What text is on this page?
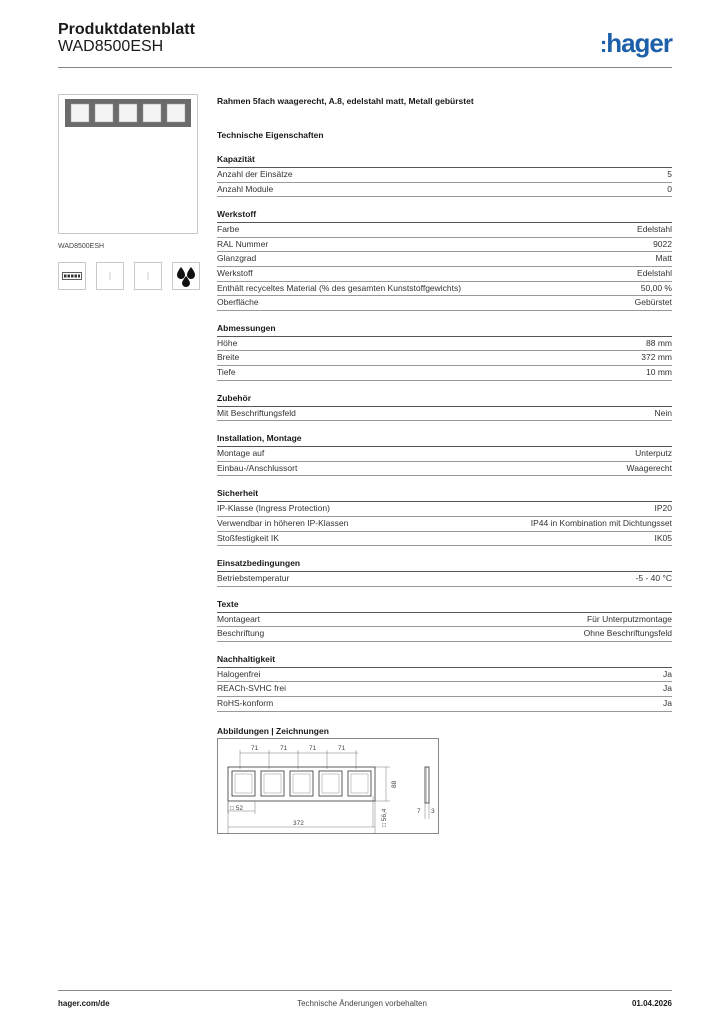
Produktdatenblatt
WAD8500ESH	:hager
WAD8500ESH
Rahmen 5fach waagerecht, A.8, edelstahl matt, Metall gebürstet
Technische Eigenschaften
Kapazität
Anzahl der Einsätze	5
Anzahl Module	0
Werkstoff
Farbe	Edelstahl
RAL Nummer	9022
Glanzgrad	Matt
Werkstoff	Edelstahl
Enthält recyceltes Material (% des gesamten Kunststoffgewichts)	50,00 %
Oberfläche	Gebürstet
Abmessungen
Höhe	88 mm
Breite	372 mm
Tiefe	10 mm
Zubehör
Mit Beschriftungsfeld	Nein
Installation, Montage
Montage auf	Unterputz
Einbau-/Anschlussort	Waagerecht
Sicherheit
IP-Klasse (Ingress Protection)	IP20
Verwendbar in höheren IP-Klassen	IP44 in Kombination mit Dichtungsset
Stoßfestigkeit IK	IK05
Einsatzbedingungen
Betriebstemperatur	-5 - 40 °C
Texte
Montageart	Für Unterputzmontage
Beschriftung	Ohne Beschriftungsfeld
Nachhaltigkeit
Halogenfrei	Ja
REACh-SVHC frei	Ja
RoHS-konform	Ja
Abbildungen | Zeichnungen
71	71	71	71
88
□ 52
□ 56,4
372
7 3
hager.com/de	Technische Änderungen vorbehalten	01.04.2026
